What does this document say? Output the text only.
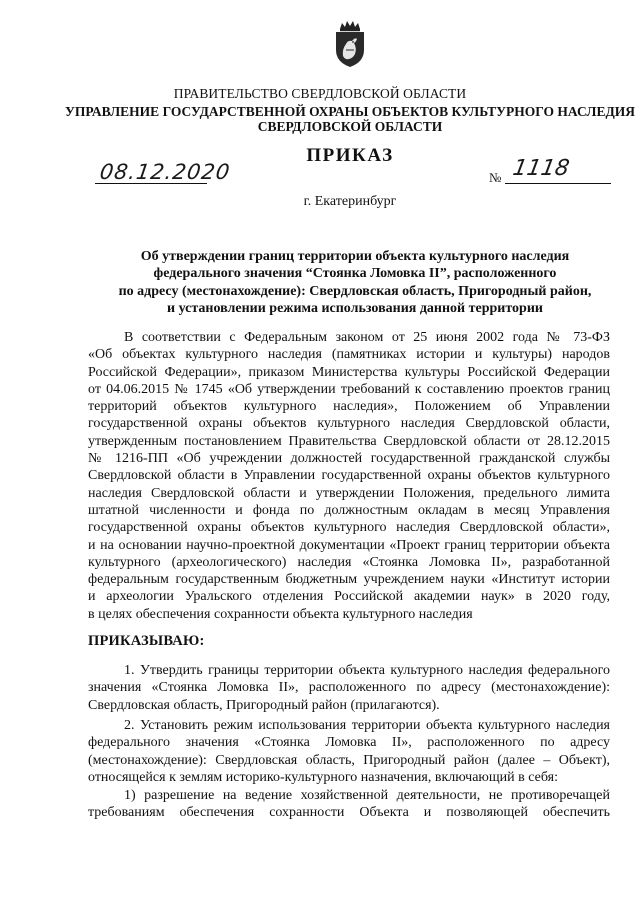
ПРАВИТЕЛЬСТВО СВЕРДЛОВСКОЙ ОБЛАСТИ
УПРАВЛЕНИЕ ГОСУДАРСТВЕННОЙ ОХРАНЫ ОБЪЕКТОВ КУЛЬТУРНОГО НАСЛЕДИЯ
СВЕРДЛОВСКОЙ ОБЛАСТИ
ПРИКАЗ
08.12.2020	№ 1118
г. Екатеринбург
Об утверждении границ территории объекта культурного наследия
федерального значения “Стоянка Ломовка II”, расположенного
по адресу (местонахождение): Свердловская область, Пригородный район,
и установлении режима использования данной территории
В соответствии с Федеральным законом от 25 июня 2002 года № 73-ФЗ
«Об объектах культурного наследия (памятниках истории и культуры) народов
Российской Федерации», приказом Министерства культуры Российской Федерации
от 04.06.2015 № 1745 «Об утверждении требований к составлению проектов границ
территорий объектов культурного наследия», Положением об Управлении
государственной охраны объектов культурного наследия Свердловской области,
утвержденным постановлением Правительства Свердловской области от 28.12.2015
№ 1216-ПП «Об учреждении должностей государственной гражданской службы
Свердловской области в Управлении государственной охраны объектов культурного
наследия Свердловской области и утверждении Положения, предельного лимита
штатной численности и фонда по должностным окладам в месяц Управления
государственной охраны объектов культурного наследия Свердловской области»,
и на основании научно-проектной документации «Проект границ территории объекта
культурного (археологического) наследия «Стоянка Ломовка II», разработанной
федеральным государственным бюджетным учреждением науки «Институт истории
и археологии Уральского отделения Российской академии наук» в 2020 году,
в целях обеспечения сохранности объекта культурного наследия
ПРИКАЗЫВАЮ:
1. Утвердить границы территории объекта культурного наследия федерального
значения «Стоянка Ломовка II», расположенного по адресу (местонахождение):
Свердловская область, Пригородный район (прилагаются).
2. Установить режим использования территории объекта культурного наследия
федерального значения «Стоянка Ломовка II», расположенного по адресу
(местонахождение): Свердловская область, Пригородный район (далее – Объект),
относящейся к землям историко-культурного назначения, включающий в себя:
1) разрешение на ведение хозяйственной деятельности, не противоречащей
требованиям обеспечения сохранности Объекта и позволяющей обеспечить
